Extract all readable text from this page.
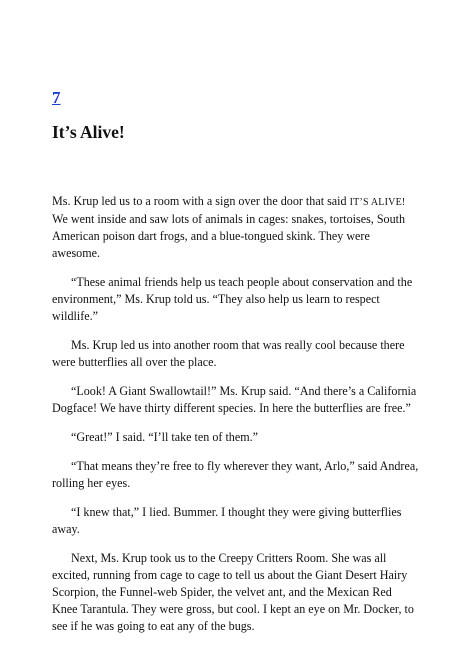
7
It’s Alive!

Ms. Krup led us to a room with a sign over the door that said IT’S ALIVE! We went inside and saw lots of animals in cages: snakes, tortoises, South American poison dart frogs, and a blue-tongued skink. They were awesome.

“These animal friends help us teach people about conservation and the environment,” Ms. Krup told us. “They also help us learn to respect wildlife.”

Ms. Krup led us into another room that was really cool because there were butterflies all over the place.

“Look! A Giant Swallowtail!” Ms. Krup said. “And there’s a California Dogface! We have thirty different species. In here the butterflies are free.”

“Great!” I said. “I’ll take ten of them.”

“That means they’re free to fly wherever they want, Arlo,” said Andrea, rolling her eyes.

“I knew that,” I lied. Bummer. I thought they were giving butterflies away.

Next, Ms. Krup took us to the Creepy Critters Room. She was all excited, running from cage to cage to tell us about the Giant Desert Hairy Scorpion, the Funnel-web Spider, the velvet ant, and the Mexican Red Knee Tarantula. They were gross, but cool. I kept an eye on Mr. Docker, to see if he was going to eat any of the bugs.
